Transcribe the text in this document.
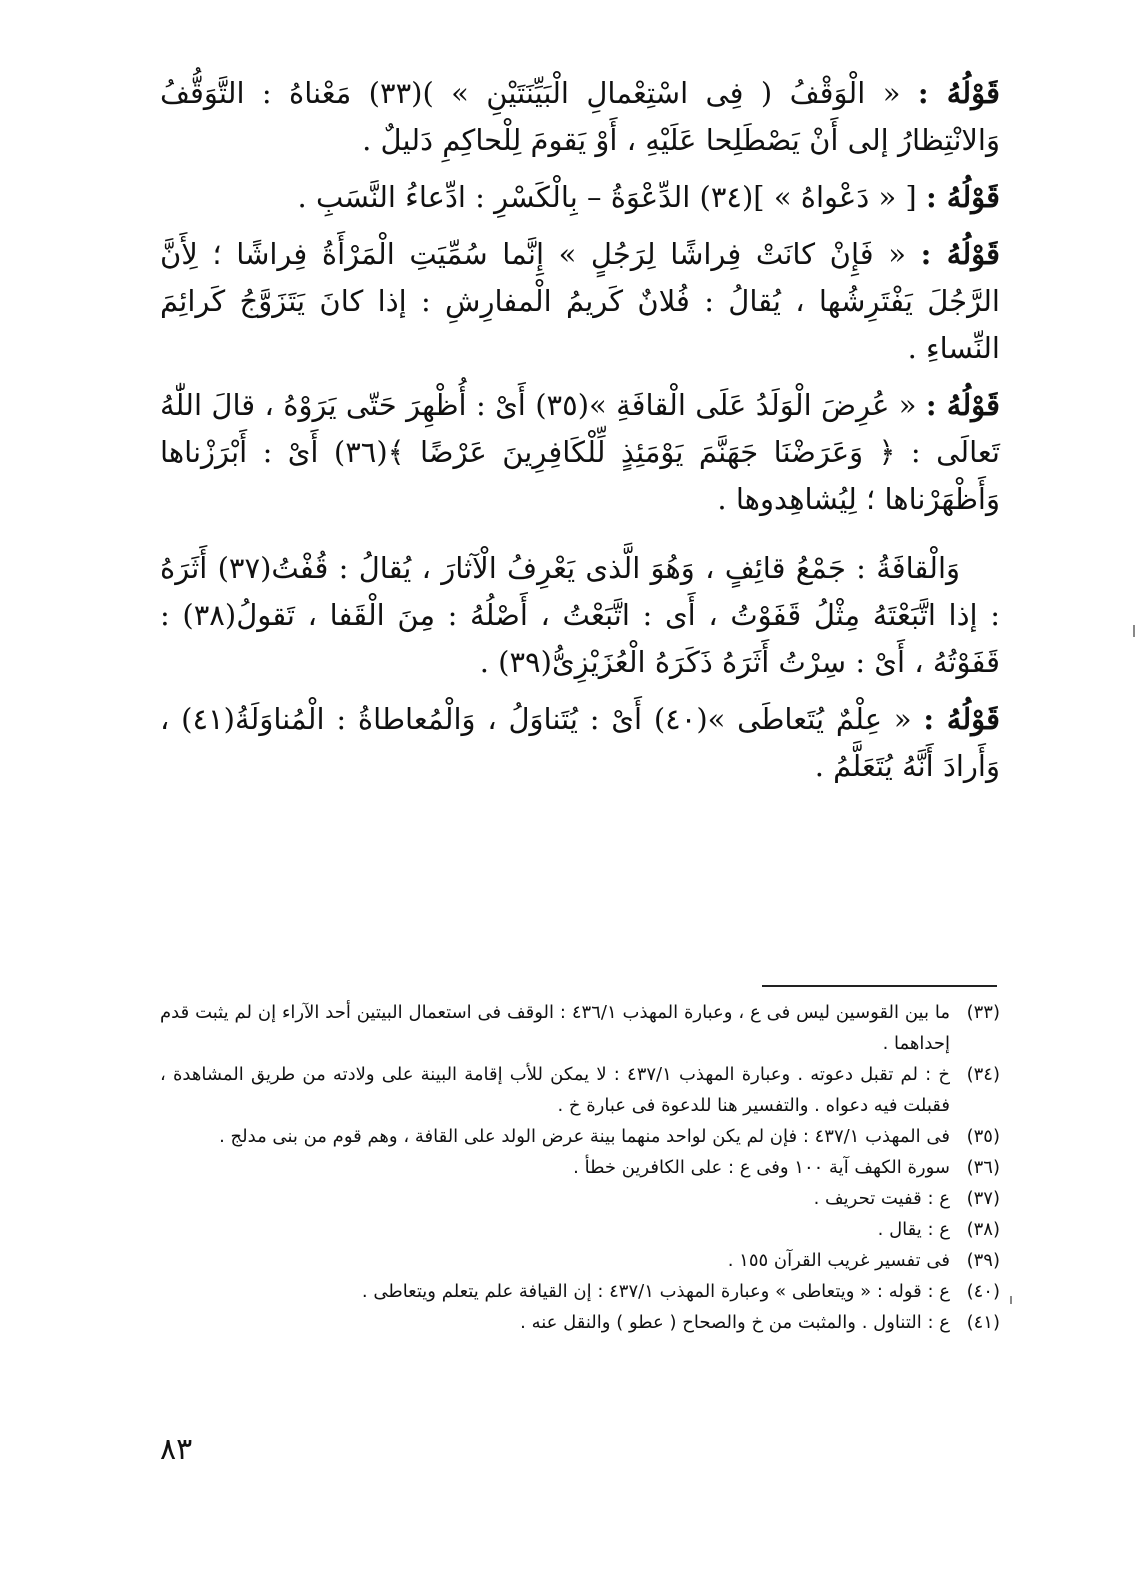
قَوْلُهُ : « الْوَقْفُ ( فِى اسْتِعْمالِ الْبَيِّنَتَيْنِ » )(٣٣) مَعْناهُ : التَّوَقُّفُ وَالانْتِظارُ إلى أَنْ يَصْطَلِحا عَلَيْهِ ، أَوْ يَقومَ لِلْحاكِمِ دَليلٌ .

قَوْلُهُ : [ « دَعْواهُ » ](٣٤) الدِّعْوَةُ – بِالْكَسْرِ : ادِّعاءُ النَّسَبِ .

قَوْلُهُ : « فَإِنْ كانَتْ فِراشًا لِرَجُلٍ » إِنَّما سُمِّيَتِ الْمَرْأَةُ فِراشًا ؛ لِأَنَّ الرَّجُلَ يَفْتَرِشُها ، يُقالُ : فُلانٌ كَريمُ الْمفارِشِ : إذا كانَ يَتَزَوَّجُ كَرائِمَ النِّساءِ .

قَوْلُهُ : « عُرِضَ الْوَلَدُ عَلَى الْقافَةِ »(٣٥) أَىْ : أُظْهِرَ حَتّى يَرَوْهُ ، قالَ اللّٰهُ تَعالَى : ﴿ وَعَرَضْنَا جَهَنَّمَ يَوْمَئِذٍ لِّلْكَافِرِينَ عَرْضًا ﴾(٣٦) أَىْ : أَبْرَزْناها وَأَظْهَرْناها ؛ لِيُشاهِدوها .

وَالْقافَةُ : جَمْعُ قائِفٍ ، وَهُوَ الَّذى يَعْرِفُ الْآثارَ ، يُقالُ : قُفْتُ(٣٧) أَثَرَهُ : إذا اتَّبَعْتَهُ مِثْلُ قَفَوْتُ ، أَى : اتَّبَعْتُ ، أَصْلُهُ : مِنَ الْقَفا ، تَقولُ(٣٨) : قَفَوْتُهُ ، أَىْ : سِرْتُ أَثَرَهُ ذَكَرَهُ الْعُزَيْزِىُّ(٣٩) .

قَوْلُهُ : « عِلْمٌ يُتَعاطَى »(٤٠) أَىْ : يُتَناوَلُ ، وَالْمُعاطاةُ : الْمُناوَلَةُ(٤١) ، وَأَرادَ أَنَّهُ يُتَعَلَّمُ .

(٣٣)
ما بين القوسين ليس فى ع ، وعبارة المهذب ٤٣٦/١ : الوقف فى استعمال البيتين أحد الآراء إن لم يثبت قدم إحداهما .
(٣٤)
خ : لم تقبل دعوته . وعبارة المهذب ٤٣٧/١ : لا يمكن للأب إقامة البينة على ولادته من طريق المشاهدة ، فقبلت فيه دعواه . والتفسير هنا للدعوة فى عبارة خ .
(٣٥)
فى المهذب ٤٣٧/١ : فإن لم يكن لواحد منهما بينة عرض الولد على القافة ، وهم قوم من بنى مدلج .
(٣٦)
سورة الكهف آية ١٠٠ وفى ع : على الكافرين خطأ .
(٣٧)
ع : قفيت تحريف .
(٣٨)
ع : يقال .
(٣٩)
فى تفسير غريب القرآن ١٥٥ .
(٤٠)
ع : قوله : « ويتعاطى » وعبارة المهذب ٤٣٧/١ : إن القيافة علم يتعلم ويتعاطى .
(٤١)
ع : التناول . والمثبت من خ والصحاح ( عطو ) والنقل عنه .
٨٣
